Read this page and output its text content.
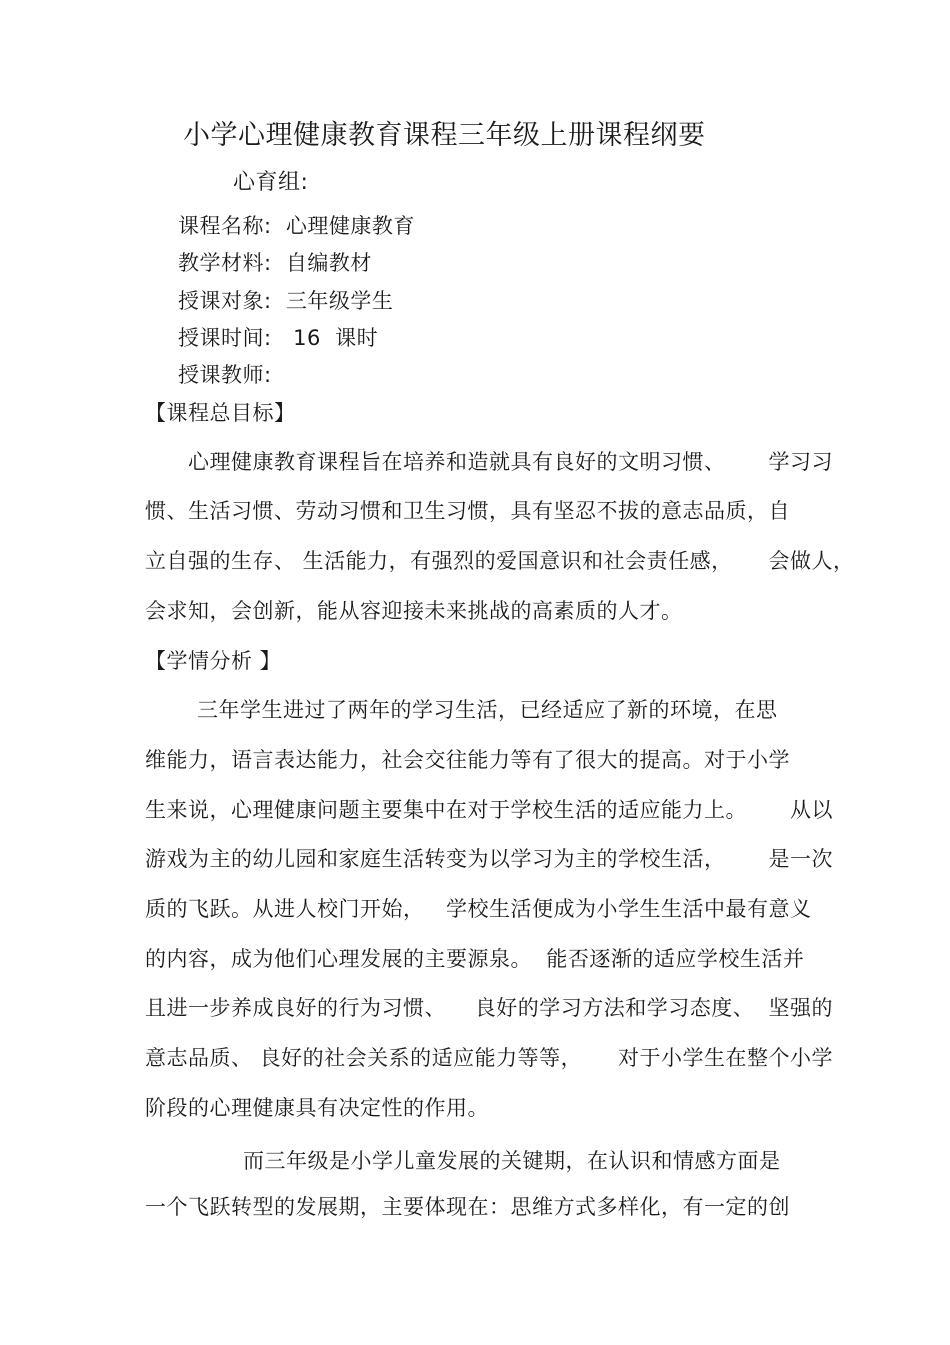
小学心理健康教育课程三年级上册课程纲要
心育组:
课程名称:  心理健康教育
教学材料:  自编教材
授课对象:  三年级学生
授课时间:   16  课时
授课教师:
【课程总目标】
心理健康教育课程旨在培养和造就具有良好的文明习惯、      学习习
惯、生活习惯、劳动习惯和卫生习惯，具有坚忍不拔的意志品质，自
立自强的生存、 生活能力，有强烈的爱国意识和社会责任感，     会做人，
会求知，会创新，能从容迎接未来挑战的高素质的人才。
【学情分析 】
三年学生进过了两年的学习生活，已经适应了新的环境，在思
维能力，语言表达能力，社会交往能力等有了很大的提高。对于小学
生来说，心理健康问题主要集中在对于学校生活的适应能力上。      从以
游戏为主的幼儿园和家庭生活转变为以学习为主的学校生活，      是一次
质的飞跃。从进人校门开始，   学校生活便成为小学生生活中最有意义
的内容，成为他们心理发展的主要源泉。  能否逐渐的适应学校生活并
且进一步养成良好的行为习惯、    良好的学习方法和学习态度、  坚强的
意志品质、 良好的社会关系的适应能力等等，     对于小学生在整个小学
阶段的心理健康具有决定性的作用。
而三年级是小学儿童发展的关键期，在认识和情感方面是
一个飞跃转型的发展期，主要体现在：思维方式多样化，有一定的创
